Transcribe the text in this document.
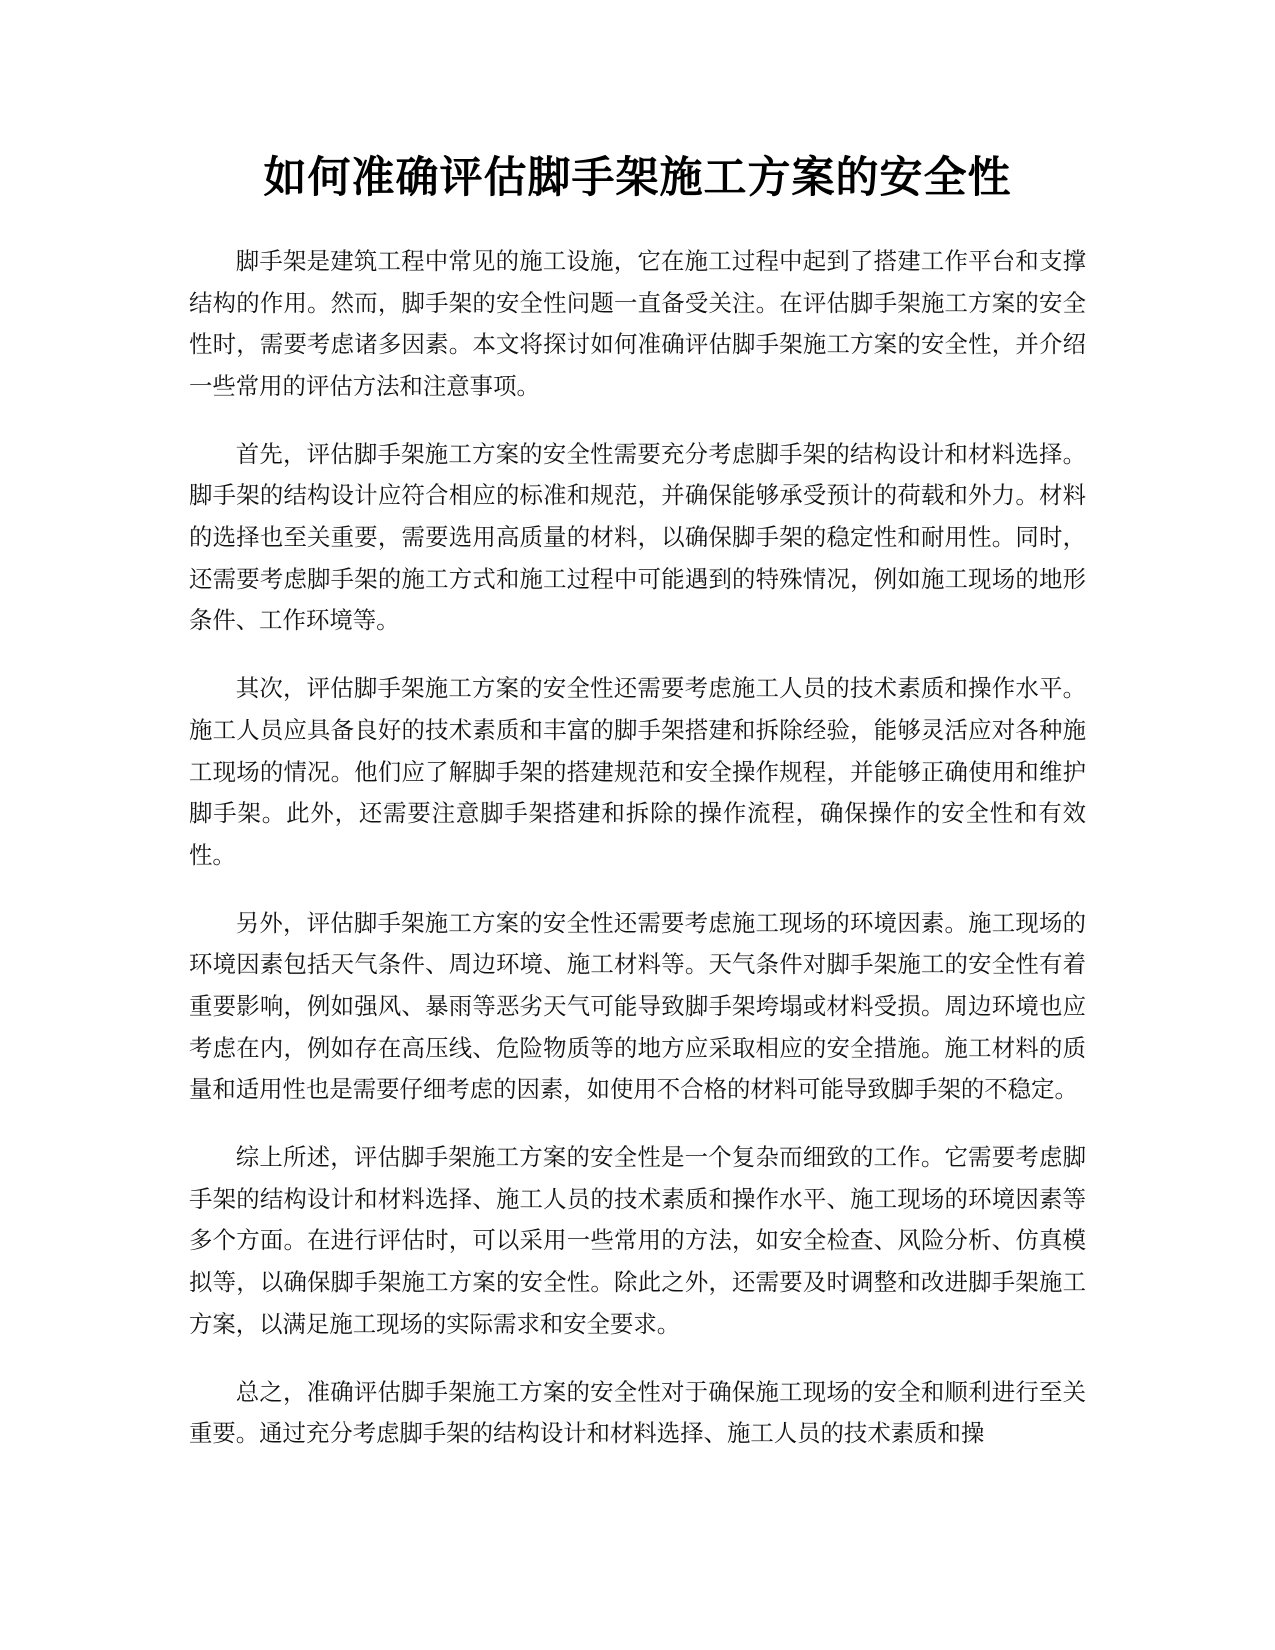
如何准确评估脚手架施工方案的安全性

脚手架是建筑工程中常见的施工设施，它在施工过程中起到了搭建工作平台和支撑结构的作用。然而，脚手架的安全性问题一直备受关注。在评估脚手架施工方案的安全性时，需要考虑诸多因素。本文将探讨如何准确评估脚手架施工方案的安全性，并介绍一些常用的评估方法和注意事项。

首先，评估脚手架施工方案的安全性需要充分考虑脚手架的结构设计和材料选择。脚手架的结构设计应符合相应的标准和规范，并确保能够承受预计的荷载和外力。材料的选择也至关重要，需要选用高质量的材料，以确保脚手架的稳定性和耐用性。同时，还需要考虑脚手架的施工方式和施工过程中可能遇到的特殊情况，例如施工现场的地形条件、工作环境等。

其次，评估脚手架施工方案的安全性还需要考虑施工人员的技术素质和操作水平。施工人员应具备良好的技术素质和丰富的脚手架搭建和拆除经验，能够灵活应对各种施工现场的情况。他们应了解脚手架的搭建规范和安全操作规程，并能够正确使用和维护脚手架。此外，还需要注意脚手架搭建和拆除的操作流程，确保操作的安全性和有效性。

另外，评估脚手架施工方案的安全性还需要考虑施工现场的环境因素。施工现场的环境因素包括天气条件、周边环境、施工材料等。天气条件对脚手架施工的安全性有着重要影响，例如强风、暴雨等恶劣天气可能导致脚手架垮塌或材料受损。周边环境也应考虑在内，例如存在高压线、危险物质等的地方应采取相应的安全措施。施工材料的质量和适用性也是需要仔细考虑的因素，如使用不合格的材料可能导致脚手架的不稳定。

综上所述，评估脚手架施工方案的安全性是一个复杂而细致的工作。它需要考虑脚手架的结构设计和材料选择、施工人员的技术素质和操作水平、施工现场的环境因素等多个方面。在进行评估时，可以采用一些常用的方法，如安全检查、风险分析、仿真模拟等，以确保脚手架施工方案的安全性。除此之外，还需要及时调整和改进脚手架施工方案，以满足施工现场的实际需求和安全要求。

总之，准确评估脚手架施工方案的安全性对于确保施工现场的安全和顺利进行至关重要。通过充分考虑脚手架的结构设计和材料选择、施工人员的技术素质和操
